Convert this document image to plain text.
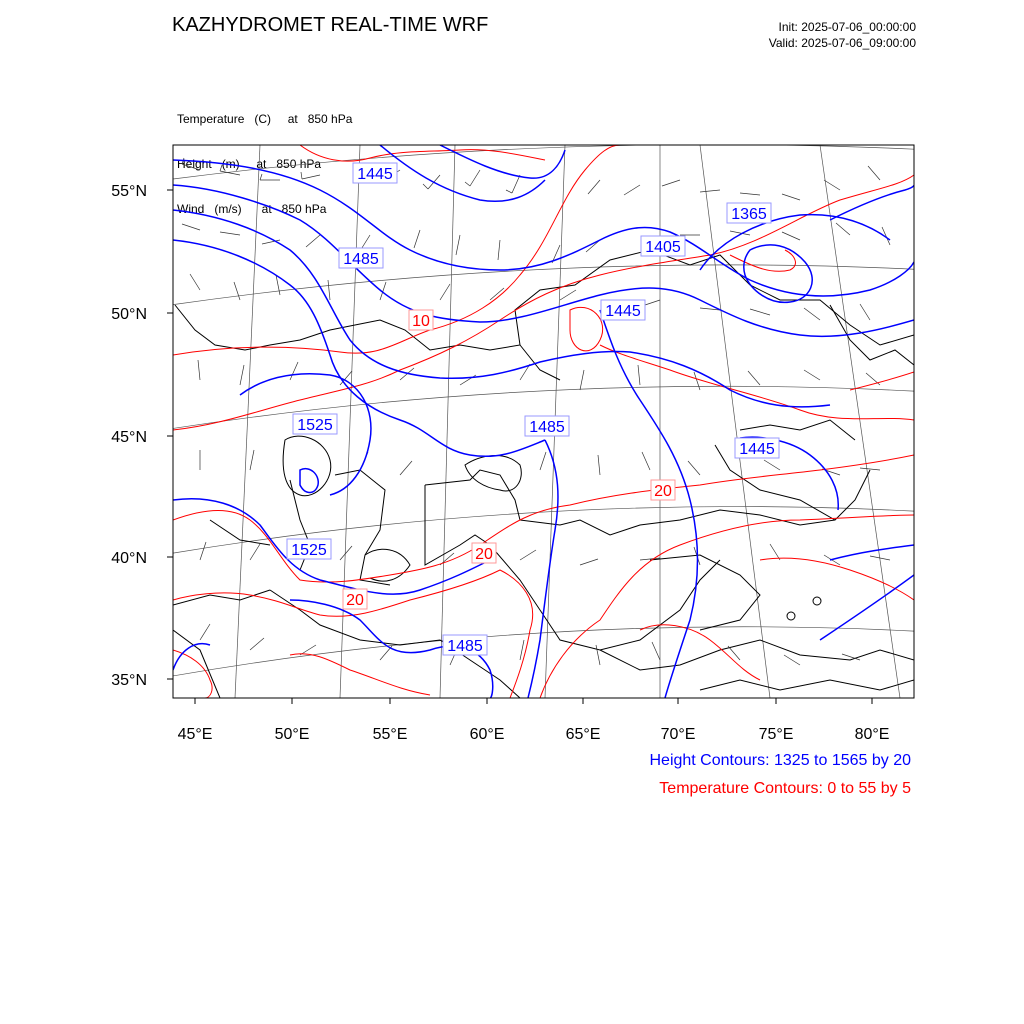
KAZHYDROMET REAL-TIME WRF	Init: 2025-07-06_00:00:00
Valid: 2025-07-06_09:00:00

Temperature   (C)     at   850 hPa

Height   (m)     at   850 hPa

Wind   (m/s)      at   850 hPa

55°N
50°N
45°N
40°N
35°N
45°E	50°E	55°E	60°E	65°E	70°E	75°E	80°E
1445
1365
1405
1485
1445
1525	1485
1445
1525
1485
10
20
20
20
Height Contours: 1325 to 1565 by 20
Temperature Contours: 0 to 55 by 5
